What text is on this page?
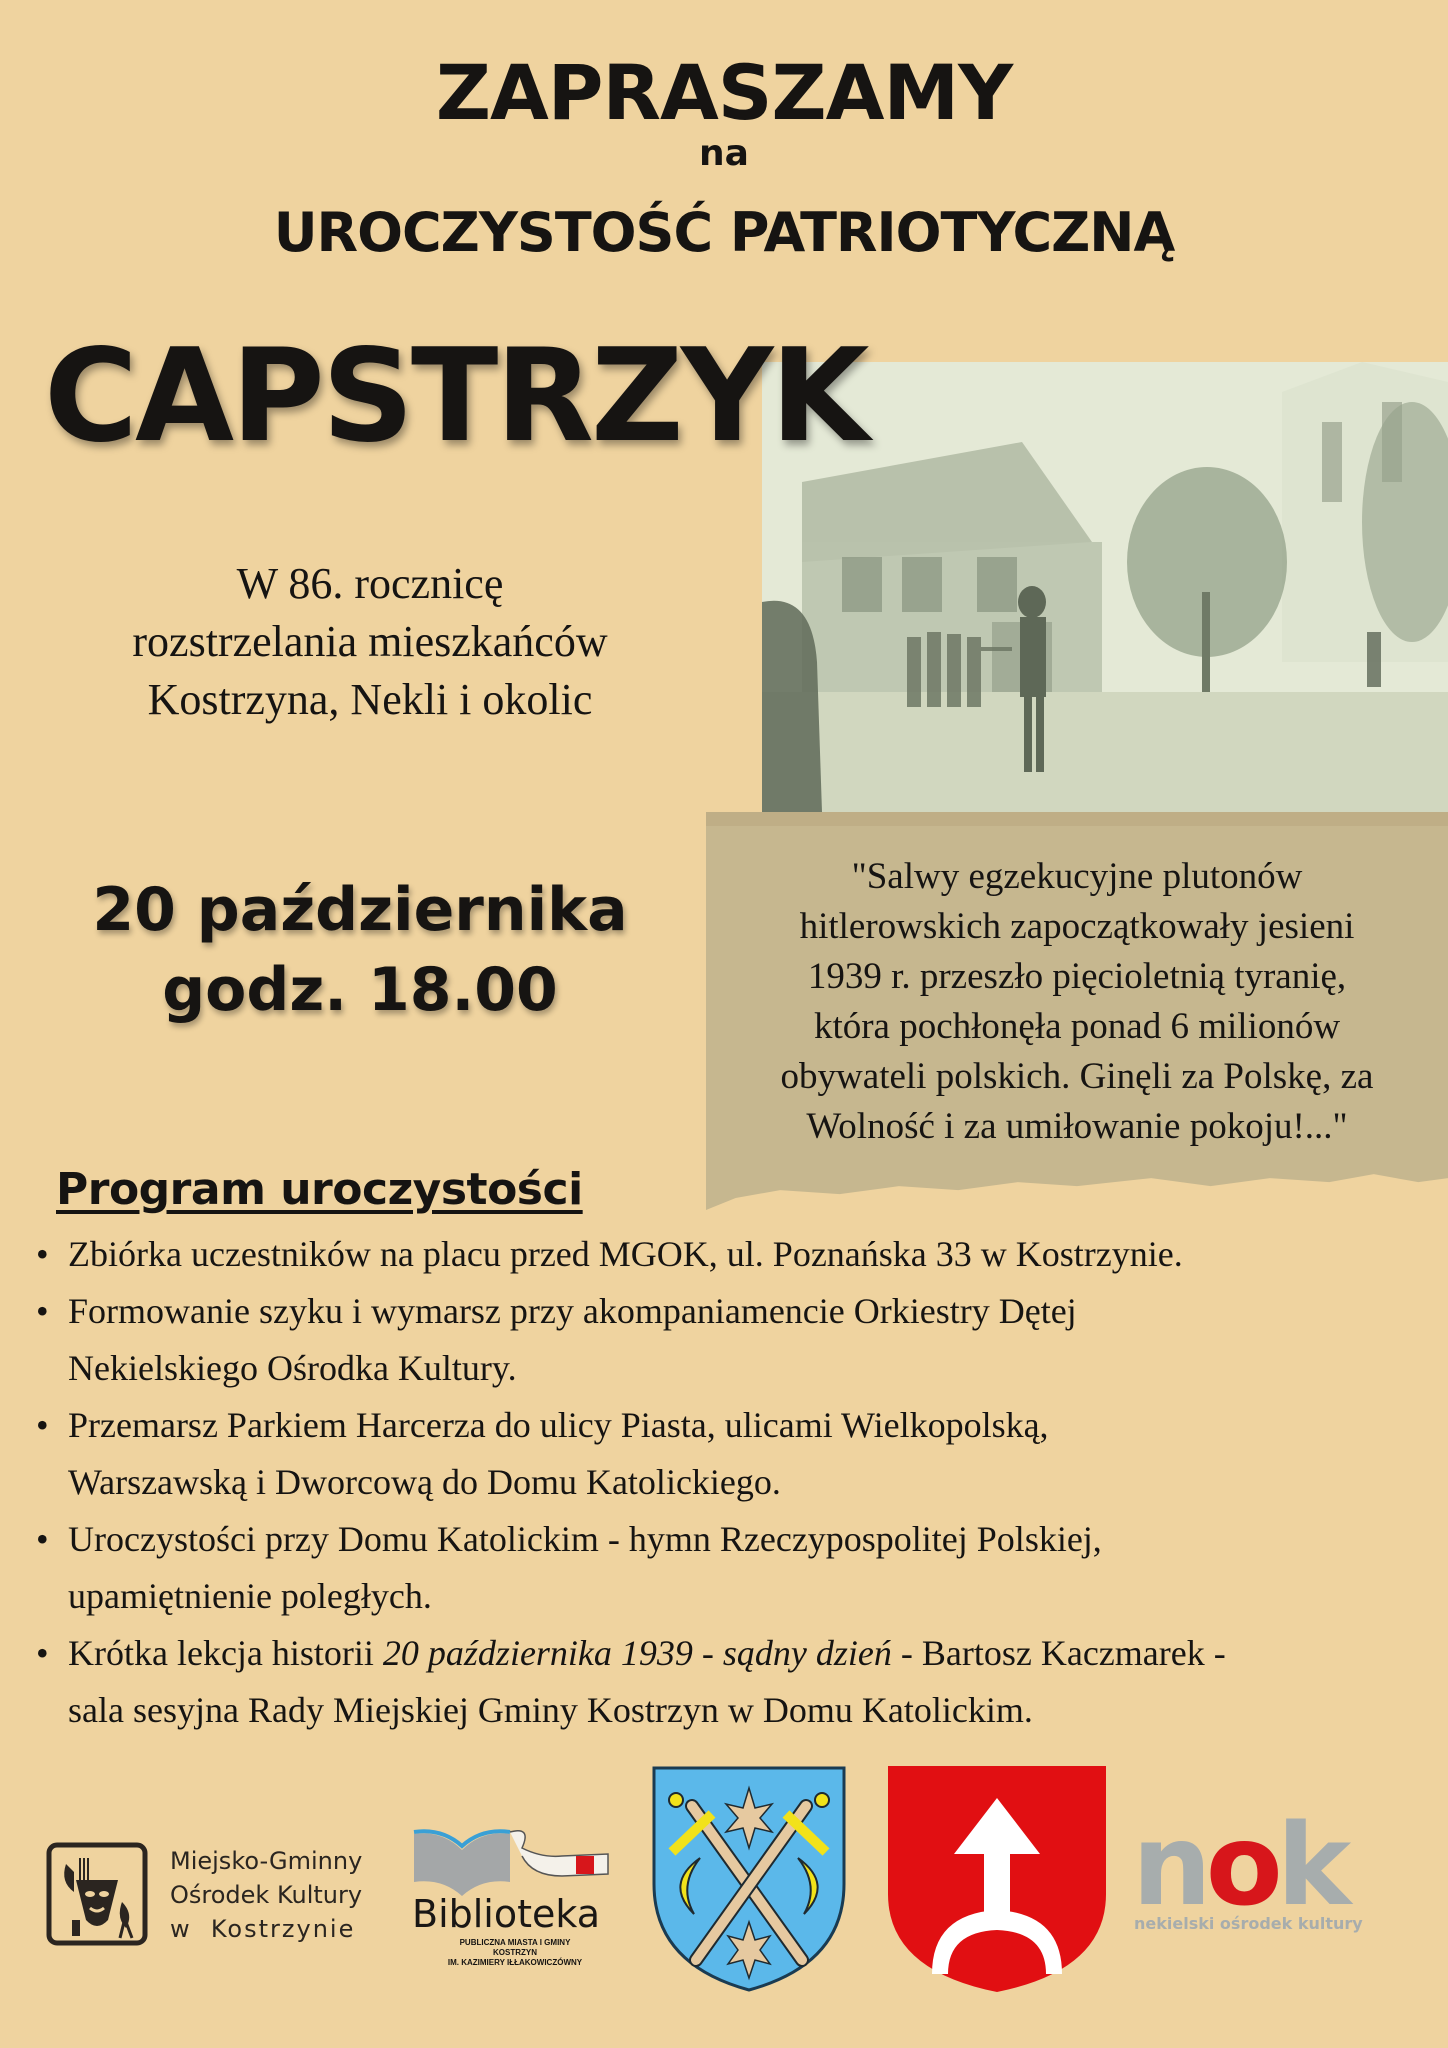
ZAPRASZAMY
na
UROCZYSTOŚĆ PATRIOTYCZNĄ
CAPSTRZYK
W 86. rocznicę
rozstrzelania mieszkańców
Kostrzyna, Nekli i okolic
20 października
godz. 18.00
"Salwy egzekucyjne plutonów
hitlerowskich zapoczątkowały jesieni
1939 r. przeszło pięcioletnią tyranię,
która pochłonęła ponad 6 milionów
obywateli polskich. Ginęli za Polskę, za
Wolność i za umiłowanie pokoju!..."
Program uroczystości
• Zbiórka uczestników na placu przed MGOK, ul. Poznańska 33 w Kostrzynie.
• Formowanie szyku i wymarsz przy akompaniamencie Orkiestry Dętej
Nekielskiego Ośrodka Kultury.
• Przemarsz Parkiem Harcerza do ulicy Piasta, ulicami Wielkopolską,
Warszawską i Dworcową do Domu Katolickiego.
• Uroczystości przy Domu Katolickim - hymn Rzeczypospolitej Polskiej,
upamiętnienie poległych.
• Krótka lekcja historii 20 października 1939 - sądny dzień - Bartosz Kaczmarek -
sala sesyjna Rady Miejskiej Gminy Kostrzyn w Domu Katolickim.
Miejsko-Gminny
Ośrodek Kultury
w  Kostrzynie Biblioteka
PUBLICZNA MIASTA I GMINY KOSTRZYN
IM. KAZIMIERY IŁŁAKOWICZÓWNY
nok
nekielski ośrodek kultury
